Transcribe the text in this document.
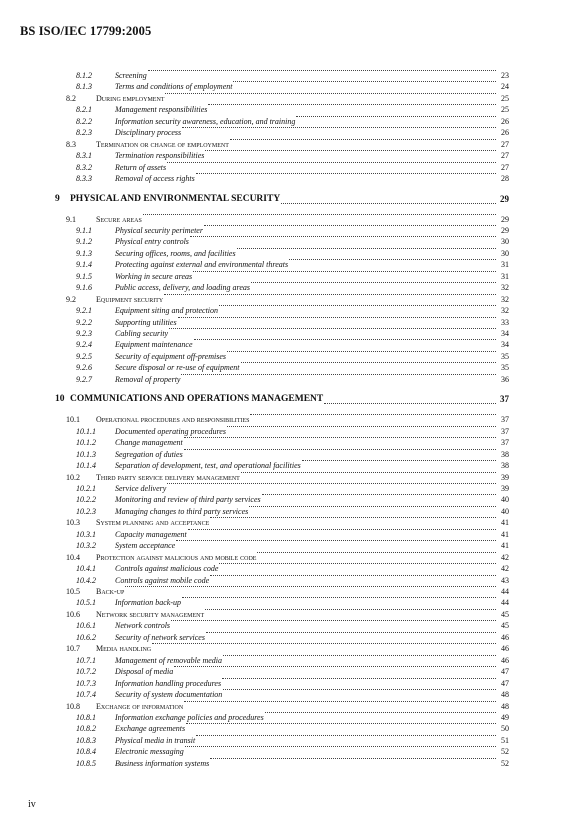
BS ISO/IEC 17799:2005
8.1.2	Screening	23
8.1.3	Terms and conditions of employment	24
8.2	During employment	25
8.2.1	Management responsibilities	25
8.2.2	Information security awareness, education, and training	26
8.2.3	Disciplinary process	26
8.3	Termination or change of employment	27
8.3.1	Termination responsibilities	27
8.3.2	Return of assets	27
8.3.3	Removal of access rights	28
9 PHYSICAL AND ENVIRONMENTAL SECURITY	29
9.1	Secure areas	29
9.1.1	Physical security perimeter	29
9.1.2	Physical entry controls	30
9.1.3	Securing offices, rooms, and facilities	30
9.1.4	Protecting against external and environmental threats	31
9.1.5	Working in secure areas	31
9.1.6	Public access, delivery, and loading areas	32
9.2	Equipment security	32
9.2.1	Equipment siting and protection	32
9.2.2	Supporting utilities	33
9.2.3	Cabling security	34
9.2.4	Equipment maintenance	34
9.2.5	Security of equipment off-premises	35
9.2.6	Secure disposal or re-use of equipment	35
9.2.7	Removal of property	36
10 COMMUNICATIONS AND OPERATIONS MANAGEMENT	37
10.1 Operational procedures and responsibilities	37
10.1.1 Documented operating procedures	37
10.1.2 Change management	37
10.1.3 Segregation of duties	38
10.1.4 Separation of development, test, and operational facilities	38
10.2 Third party service delivery management	39
10.2.1 Service delivery	39
10.2.2 Monitoring and review of third party services	40
10.2.3 Managing changes to third party services	40
10.3 System planning and acceptance	41
10.3.1 Capacity management	41
10.3.2 System acceptance	41
10.4 Protection against malicious and mobile code	42
10.4.1 Controls against malicious code	42
10.4.2 Controls against mobile code	43
10.5 Back-up	44
10.5.1 Information back-up	44
10.6 Network security management	45
10.6.1 Network controls	45
10.6.2 Security of network services	46
10.7 Media handling	46
10.7.1 Management of removable media	46
10.7.2 Disposal of media	47
10.7.3 Information handling procedures	47
10.7.4 Security of system documentation	48
10.8 Exchange of information	48
10.8.1 Information exchange policies and procedures	49
10.8.2 Exchange agreements	50
10.8.3 Physical media in transit	51
10.8.4 Electronic messaging	52
10.8.5 Business information systems	52
iv
